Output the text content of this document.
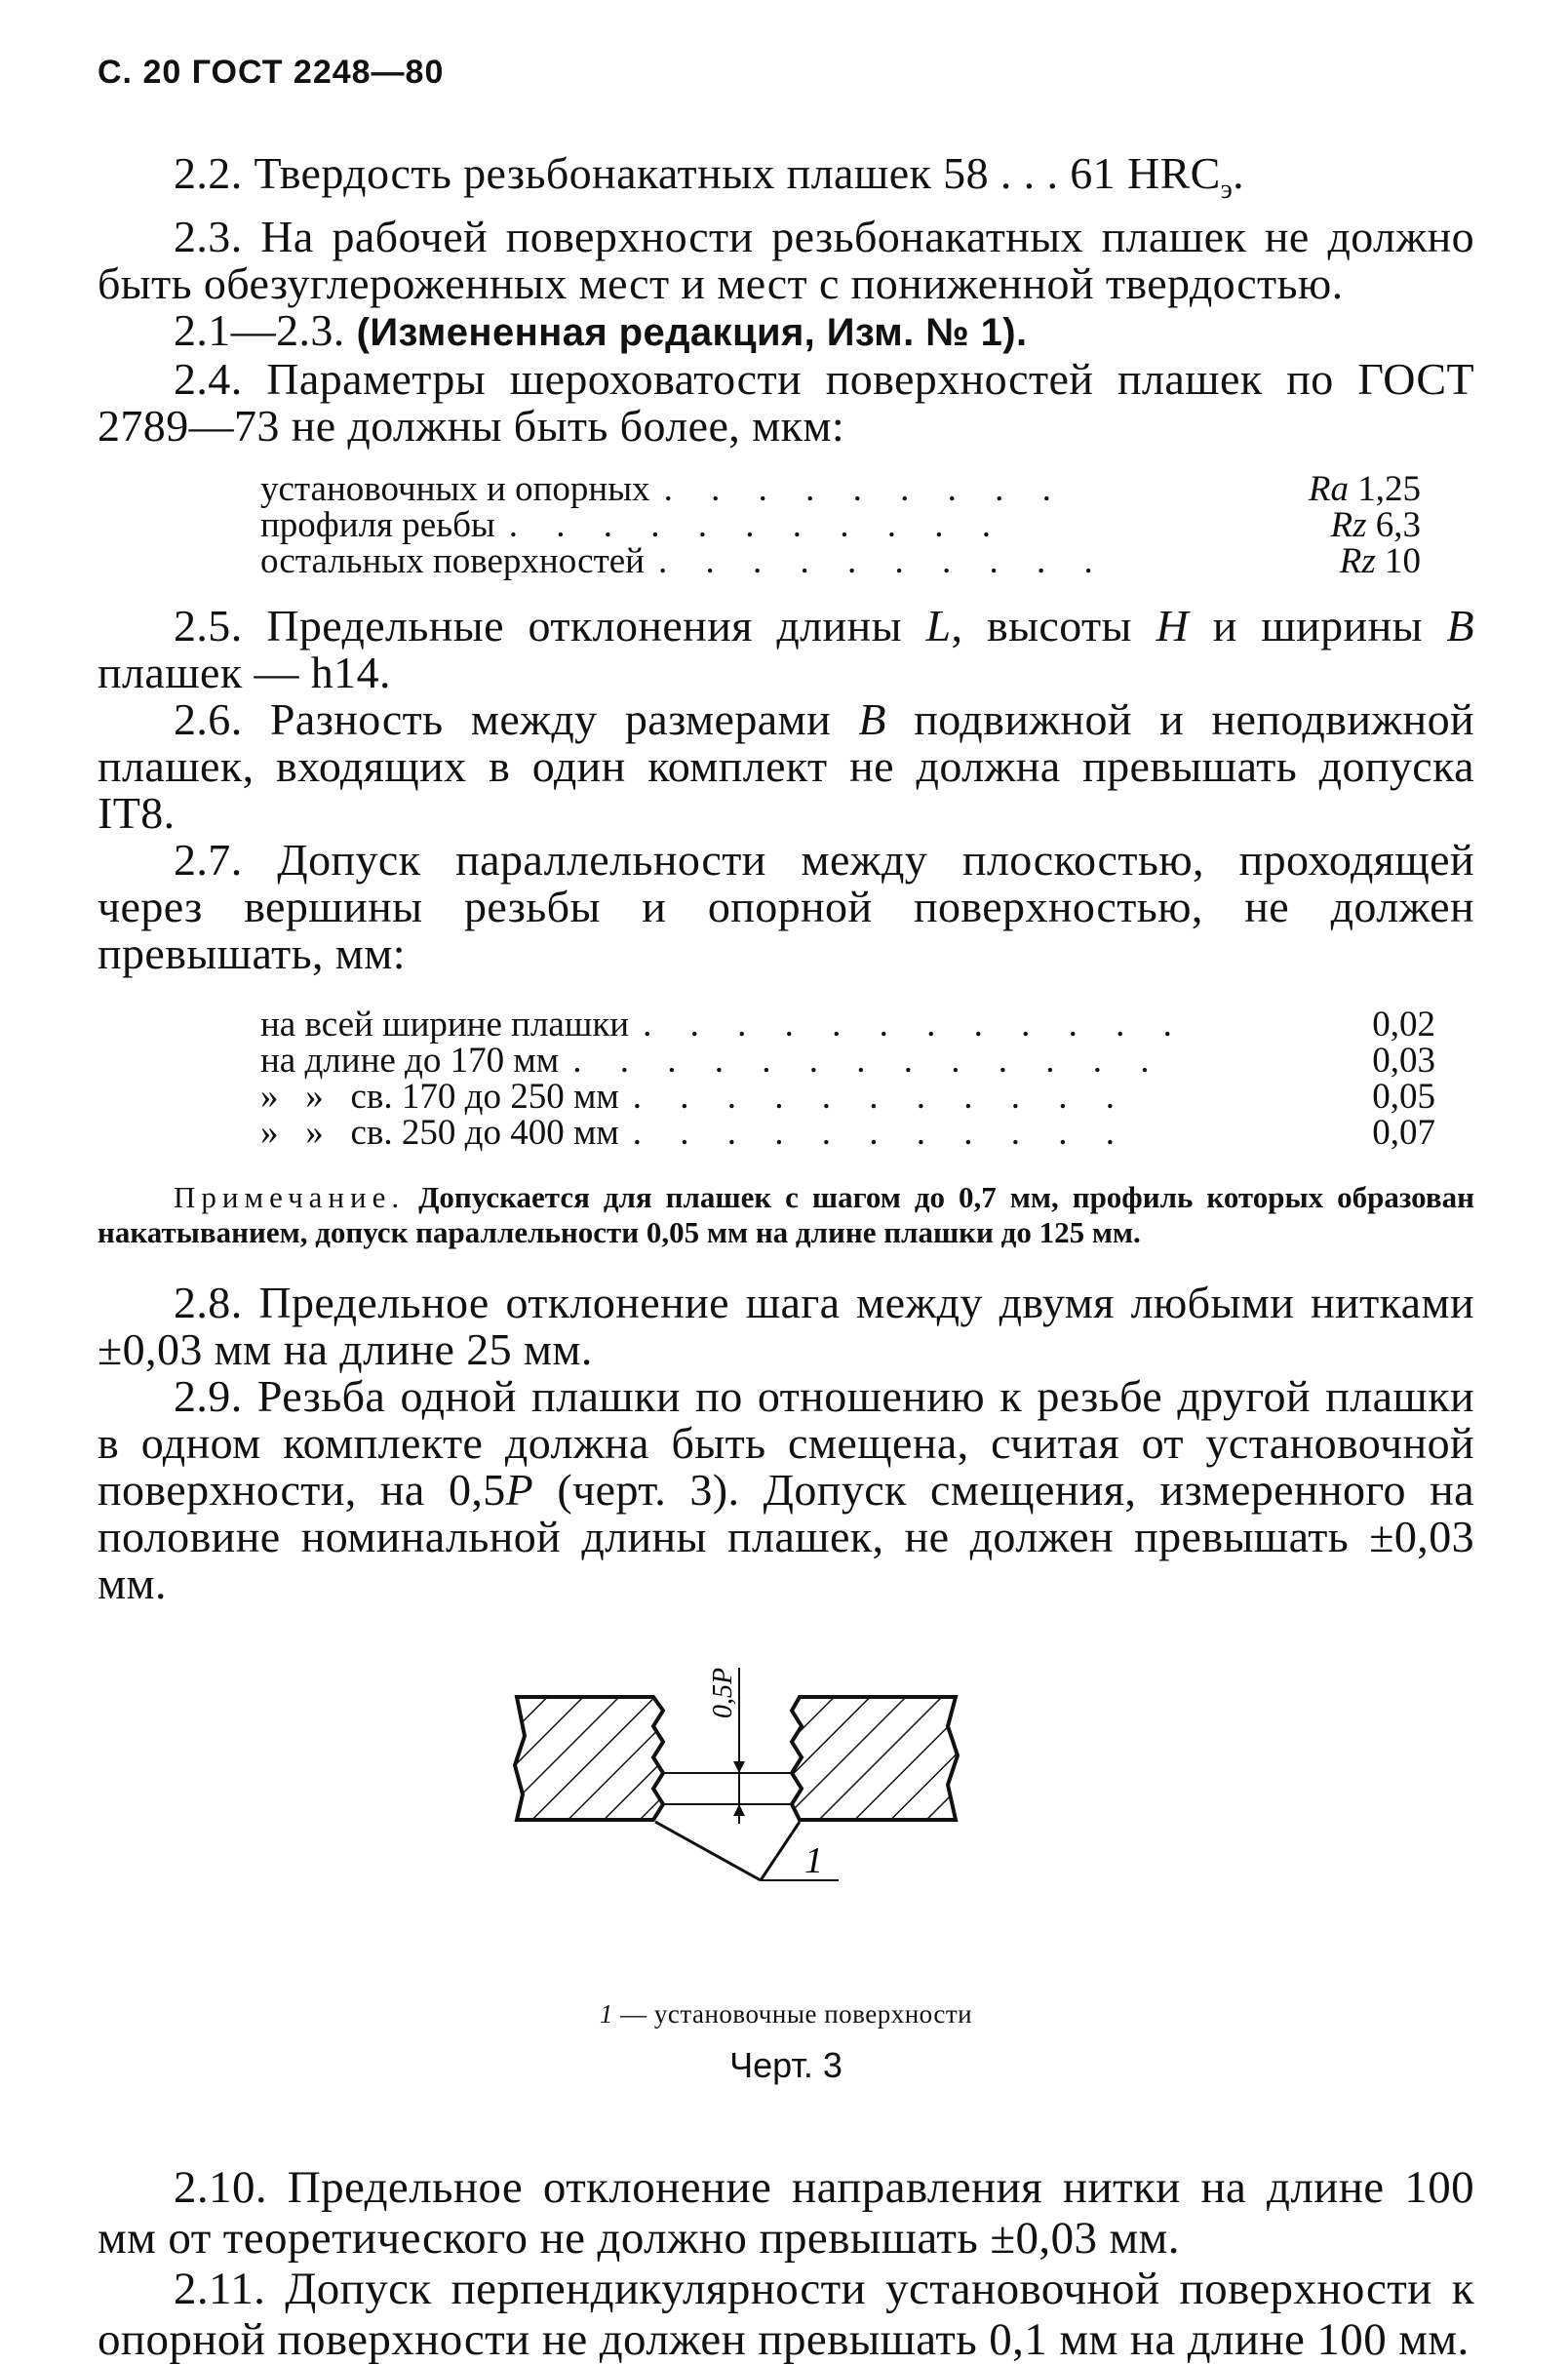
С. 20 ГОСТ 2248—80

2.2. Твердость резьбонакатных плашек 58 . . . 61 $HRC_э$.

2.3. На рабочей поверхности резьбонакатных плашек не должно быть обезуглероженных мест и мест с пониженной твердостью.

2.1—2.3. (Измененная редакция, Изм. № 1).

2.4. Параметры шероховатости поверхностей плашек по ГОСТ 2789—73 не должны быть более, мкм:

установочных и опорных . . . . . . . . .	Ra 1,25
профиля реьбы . . . . . . . . . . .	Rz 6,3
остальных поверхностей . . . . . . . . . .	Rz 10

2.5. Предельные отклонения длины L, высоты H и ширины B плашек — h14.

2.6. Разность между размерами B подвижной и неподвижной плашек, входящих в один комплект не должна превышать допуска IT8.

2.7. Допуск параллельности между плоскостью, проходящей через вершины резьбы и опорной поверхностью, не должен превышать, мм:

на всей ширине плашки . . . . . . . . . . . .	0,02
на длине до 170 мм . . . . . . . . . . . . .	0,03
»   »   св. 170 до 250 мм . . . . . . . . . . .	0,05
»   »   св. 250 до 400 мм . . . . . . . . . . .	0,07

Примечание. Допускается для плашек с шагом до 0,7 мм, профиль которых образован накатыванием, допуск параллельности 0,05 мм на длине плашки до 125 мм.

2.8. Предельное отклонение шага между двумя любыми нитками ±0,03 мм на длине 25 мм.

2.9. Резьба одной плашки по отношению к резьбе другой плашки в одном комплекте должна быть смещена, считая от установочной поверхности, на 0,5P (черт. 3). Допуск смещения, измеренного на половине номинальной длины плашек, не должен превышать ±0,03 мм.

0,5P
1

1 — установочные поверхности

Черт. 3

2.10. Предельное отклонение направления нитки на длине 100 мм от теоретического не должно превышать ±0,03 мм.

2.11. Допуск перпендикулярности установочной поверхности к опорной поверхности не должен превышать 0,1 мм на длине 100 мм.
